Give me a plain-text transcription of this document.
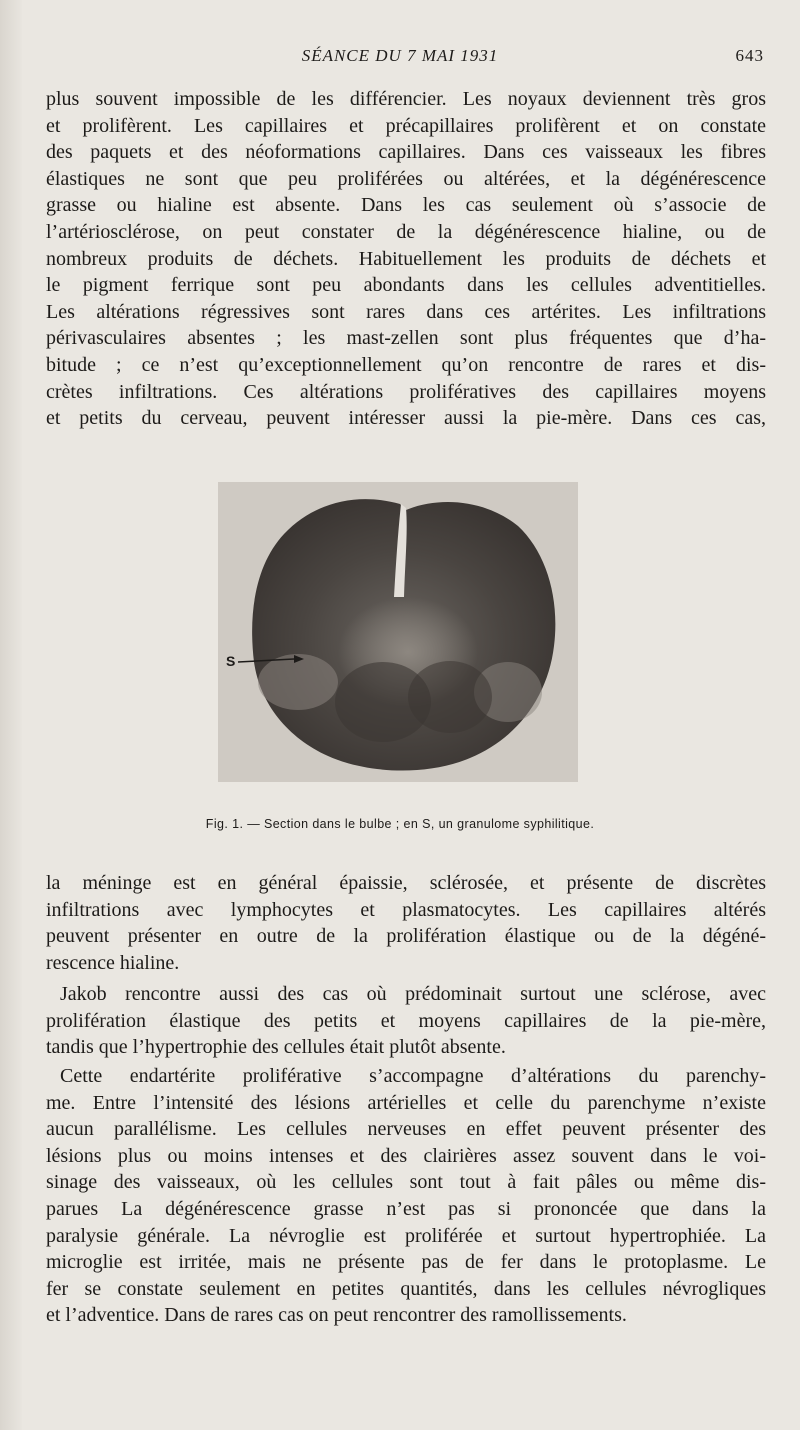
SÉANCE DU 7 MAI 1931	643
plus souvent impossible de les différencier. Les noyaux deviennent très gros
et prolifèrent. Les capillaires et précapillaires prolifèrent et on constate
des paquets et des néoformations capillaires. Dans ces vaisseaux les fibres
élastiques ne sont que peu proliférées ou altérées, et la dégénérescence
grasse ou hialine est absente. Dans les cas seulement où s’associe de
l’artériosclérose, on peut constater de la dégénérescence hialine, ou de
nombreux produits de déchets. Habituellement les produits de déchets et
le pigment ferrique sont peu abondants dans les cellules adventitielles.
Les altérations régressives sont rares dans ces artérites. Les infiltrations
périvasculaires absentes ; les mast-zellen sont plus fréquentes que d’ha-
bitude ; ce n’est qu’exceptionnellement qu’on rencontre de rares et dis-
crètes infiltrations. Ces altérations prolifératives des capillaires moyens
et petits du cerveau, peuvent intéresser aussi la pie-mère. Dans ces cas,
S
Fig. 1. — Section dans le bulbe ; en S, un granulome syphilitique.
la méninge est en général épaissie, sclérosée, et présente de discrètes
infiltrations avec lymphocytes et plasmatocytes. Les capillaires altérés
peuvent présenter en outre de la prolifération élastique ou de la dégéné-
rescence hialine.
Jakob rencontre aussi des cas où prédominait surtout une sclérose, avec
prolifération élastique des petits et moyens capillaires de la pie-mère,
tandis que l’hypertrophie des cellules était plutôt absente.
Cette endartérite proliférative s’accompagne d’altérations du parenchy-
me. Entre l’intensité des lésions artérielles et celle du parenchyme n’existe
aucun parallélisme. Les cellules nerveuses en effet peuvent présenter des
lésions plus ou moins intenses et des clairières assez souvent dans le voi-
sinage des vaisseaux, où les cellules sont tout à fait pâles ou même dis-
parues La dégénérescence grasse n’est pas si prononcée que dans la
paralysie générale. La névroglie est proliférée et surtout hypertrophiée. La
microglie est irritée, mais ne présente pas de fer dans le protoplasme. Le
fer se constate seulement en petites quantités, dans les cellules névrogliques
et l’adventice. Dans de rares cas on peut rencontrer des ramollissements.
